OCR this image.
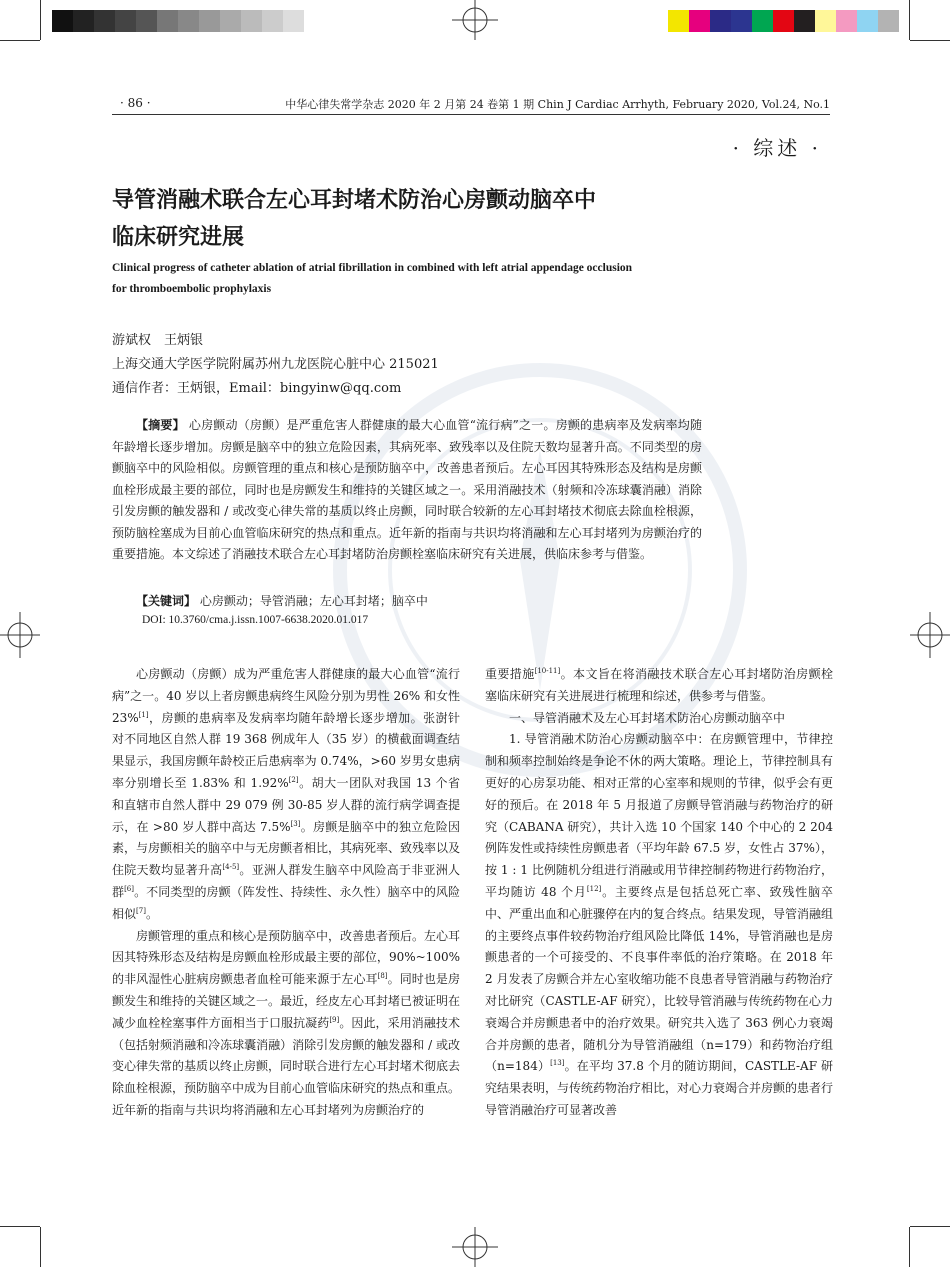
· 86 ·	中华心律失常学杂志 2020 年 2 月第 24 卷第 1 期 Chin J Cardiac Arrhyth, February 2020, Vol.24, No.1
· 综述 ·
导管消融术联合左心耳封堵术防治心房颤动脑卒中
临床研究进展
Clinical progress of catheter ablation of atrial fibrillation in combined with left atrial appendage occlusion
for thromboembolic prophylaxis
游斌权　王炳银
上海交通大学医学院附属苏州九龙医院心脏中心 215021
通信作者：王炳银，Email：bingyinw@qq.com
【摘要】 心房颤动（房颤）是严重危害人群健康的最大心血管“流行病”之一。房颤的患病率及发病率均随年龄增长逐步增加。房颤是脑卒中的独立危险因素，其病死率、致残率以及住院天数均显著升高。不同类型的房颤脑卒中的风险相似。房颤管理的重点和核心是预防脑卒中，改善患者预后。左心耳因其特殊形态及结构是房颤血栓形成最主要的部位，同时也是房颤发生和维持的关键区域之一。采用消融技术（射频和冷冻球囊消融）消除引发房颤的触发器和 / 或改变心律失常的基质以终止房颤，同时联合较新的左心耳封堵技术彻底去除血栓根源，预防脑栓塞成为目前心血管临床研究的热点和重点。近年新的指南与共识均将消融和左心耳封堵列为房颤治疗的重要措施。本文综述了消融技术联合左心耳封堵防治房颤栓塞临床研究有关进展，供临床参考与借鉴。
【关键词】 心房颤动；导管消融；左心耳封堵；脑卒中
DOI: 10.3760/cma.j.issn.1007-6638.2020.01.017

心房颤动（房颤）成为严重危害人群健康的最大心血管“流行病”之一。40 岁以上者房颤患病终生风险分别为男性 26% 和女性 23%[1]，房颤的患病率及发病率均随年龄增长逐步增加。张澍针对不同地区自然人群 19 368 例成年人（35 岁）的横截面调查结果显示，我国房颤年龄校正后患病率为 0.74%，>60 岁男女患病率分别增长至 1.83% 和 1.92%[2]。胡大一团队对我国 13 个省和直辖市自然人群中 29 079 例 30-85 岁人群的流行病学调查提示，在 >80 岁人群中高达 7.5%[3]。房颤是脑卒中的独立危险因素，与房颤相关的脑卒中与无房颤者相比，其病死率、致残率以及住院天数均显著升高[4-5]。亚洲人群发生脑卒中风险高于非亚洲人群[6]。不同类型的房颤（阵发性、持续性、永久性）脑卒中的风险相似[7]。

房颤管理的重点和核心是预防脑卒中，改善患者预后。左心耳因其特殊形态及结构是房颤血栓形成最主要的部位，90%~100% 的非风湿性心脏病房颤患者血栓可能来源于左心耳[8]。同时也是房颤发生和维持的关键区域之一。最近，经皮左心耳封堵已被证明在减少血栓栓塞事件方面相当于口服抗凝药[9]。因此，采用消融技术（包括射频消融和冷冻球囊消融）消除引发房颤的触发器和 / 或改变心律失常的基质以终止房颤，同时联合进行左心耳封堵术彻底去除血栓根源，预防脑卒中成为目前心血管临床研究的热点和重点。近年新的指南与共识均将消融和左心耳封堵列为房颤治疗的

重要措施[10-11]。本文旨在将消融技术联合左心耳封堵防治房颤栓塞临床研究有关进展进行梳理和综述，供参考与借鉴。

一、导管消融术及左心耳封堵术防治心房颤动脑卒中

1. 导管消融术防治心房颤动脑卒中：在房颤管理中，节律控制和频率控制始终是争论不休的两大策略。理论上，节律控制具有更好的心房泵功能、相对正常的心室率和规则的节律，似乎会有更好的预后。在 2018 年 5 月报道了房颤导管消融与药物治疗的研究（CABANA 研究），共计入选 10 个国家 140 个中心的 2 204 例阵发性或持续性房颤患者（平均年龄 67.5 岁，女性占 37%），按 1 : 1 比例随机分组进行消融或用节律控制药物进行药物治疗，平均随访 48 个月[12]。主要终点是包括总死亡率、致残性脑卒中、严重出血和心脏骤停在内的复合终点。结果发现，导管消融组的主要终点事件较药物治疗组风险比降低 14%，导管消融也是房颤患者的一个可接受的、不良事件率低的治疗策略。在 2018 年 2 月发表了房颤合并左心室收缩功能不良患者导管消融与药物治疗对比研究（CASTLE-AF 研究），比较导管消融与传统药物在心力衰竭合并房颤患者中的治疗效果。研究共入选了 363 例心力衰竭合并房颤的患者，随机分为导管消融组（n=179）和药物治疗组（n=184）[13]。在平均 37.8 个月的随访期间，CASTLE-AF 研究结果表明，与传统药物治疗相比，对心力衰竭合并房颤的患者行导管消融治疗可显著改善
